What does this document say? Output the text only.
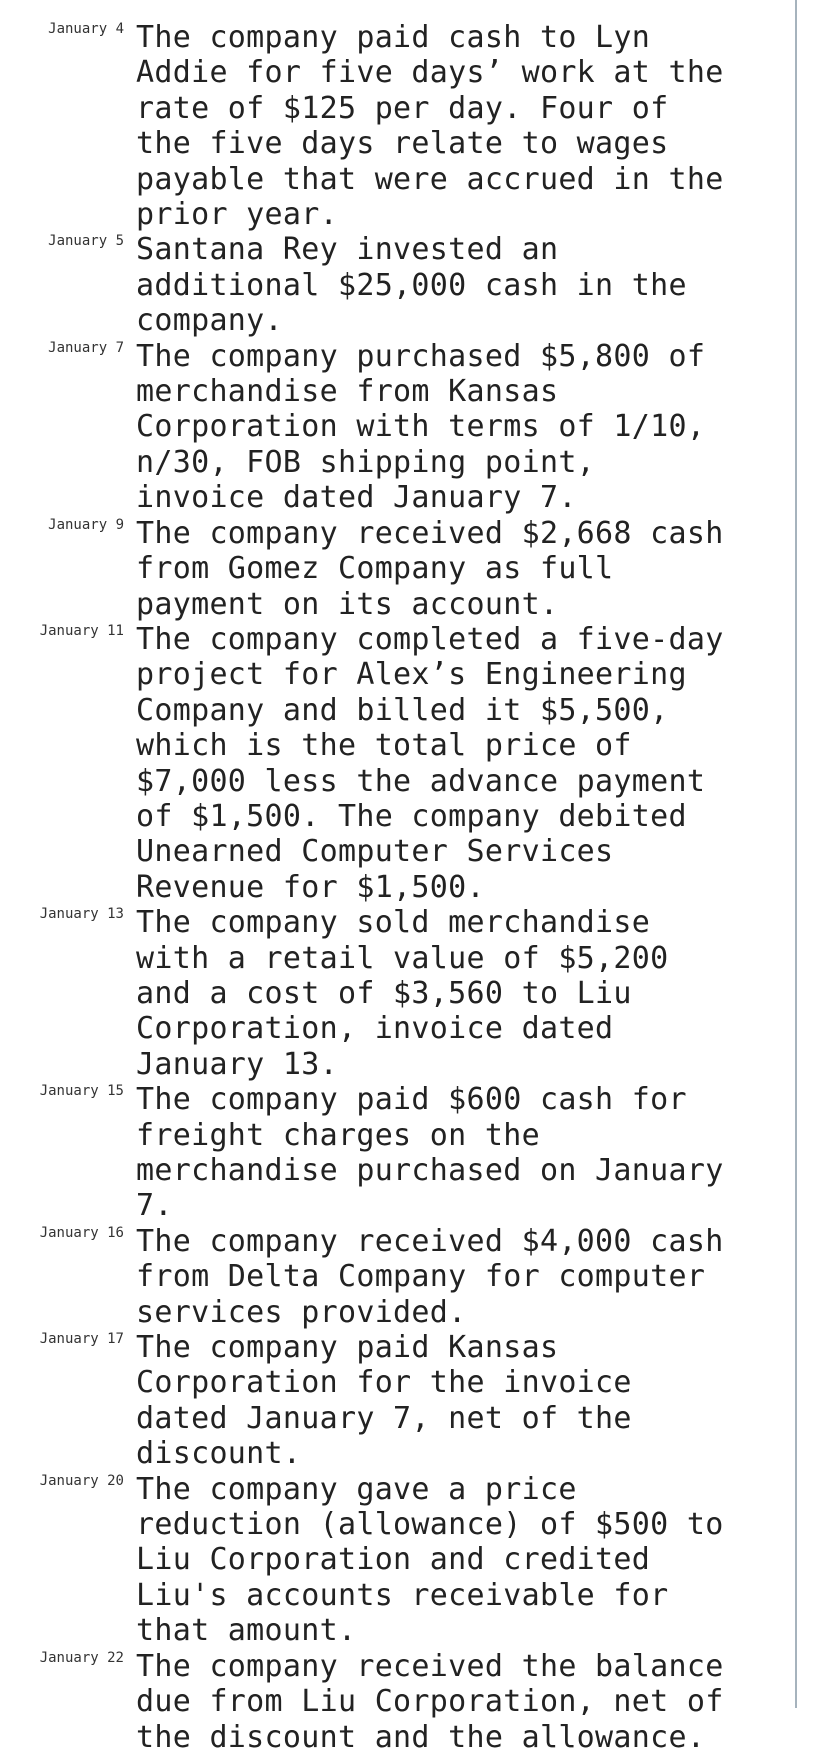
January 4 The company paid cash to Lyn Addie for five days’ work at the rate of $125 per day. Four of the five days relate to wages payable that were accrued in the prior year.
January 5 Santana Rey invested an additional $25,000 cash in the company.
January 7 The company purchased $5,800 of merchandise from Kansas Corporation with terms of 1/10, n/30, FOB shipping point, invoice dated January 7.
January 9 The company received $2,668 cash from Gomez Company as full payment on its account.
January 11 The company completed a five-day project for Alex’s Engineering Company and billed it $5,500, which is the total price of $7,000 less the advance payment of $1,500. The company debited Unearned Computer Services Revenue for $1,500.
January 13 The company sold merchandise with a retail value of $5,200 and a cost of $3,560 to Liu Corporation, invoice dated January 13.
January 15 The company paid $600 cash for freight charges on the merchandise purchased on January 7.
January 16 The company received $4,000 cash from Delta Company for computer services provided.
January 17 The company paid Kansas Corporation for the invoice dated January 7, net of the discount.
January 20 The company gave a price reduction (allowance) of $500 to Liu Corporation and credited Liu's accounts receivable for that amount.
January 22 The company received the balance due from Liu Corporation, net of the discount and the allowance.
